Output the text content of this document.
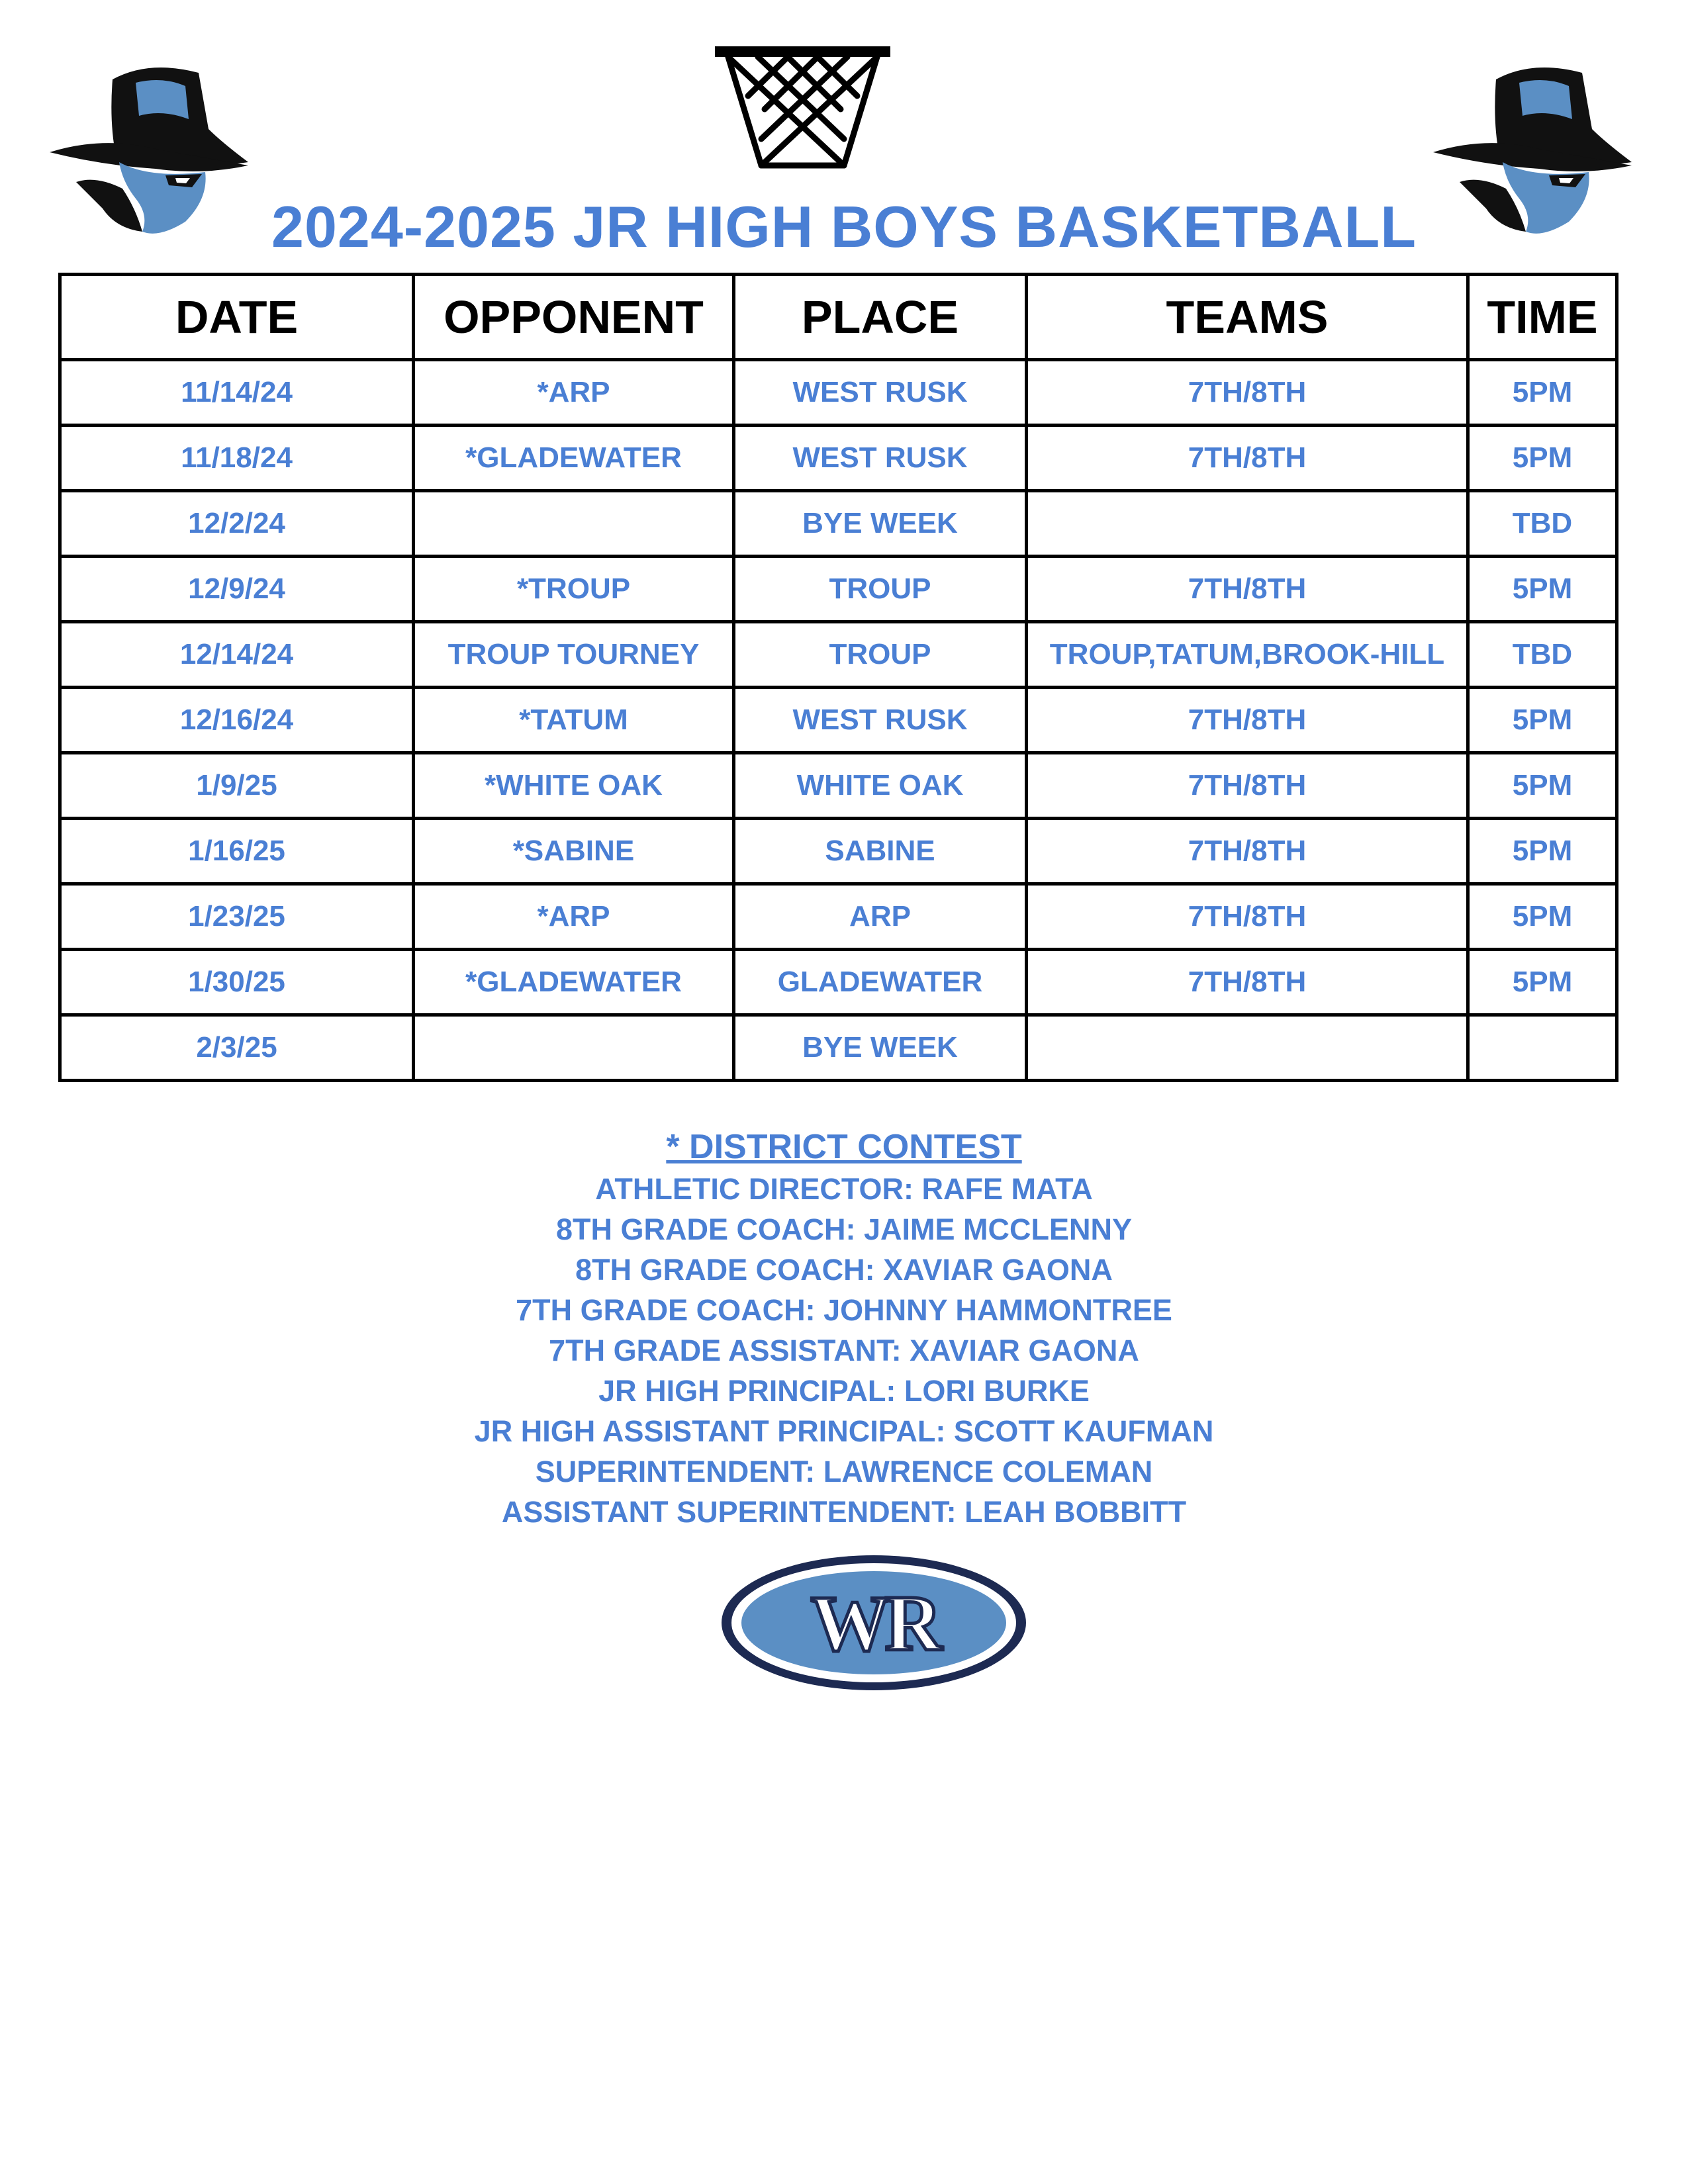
2024-2025 JR HIGH BOYS BASKETBALL
DATE	OPPONENT	PLACE	TEAMS	TIME
11/14/24	*ARP	WEST RUSK	7TH/8TH	5PM
11/18/24	*GLADEWATER	WEST RUSK	7TH/8TH	5PM
12/2/24		BYE WEEK		TBD
12/9/24	*TROUP	TROUP	7TH/8TH	5PM
12/14/24	TROUP TOURNEY	TROUP	TROUP,TATUM,BROOK-HILL	TBD
12/16/24	*TATUM	WEST RUSK	7TH/8TH	5PM
1/9/25	*WHITE OAK	WHITE OAK	7TH/8TH	5PM
1/16/25	*SABINE	SABINE	7TH/8TH	5PM
1/23/25	*ARP	ARP	7TH/8TH	5PM
1/30/25	*GLADEWATER	GLADEWATER	7TH/8TH	5PM
2/3/25		BYE WEEK		
* DISTRICT CONTEST
ATHLETIC DIRECTOR: RAFE MATA
8TH GRADE COACH: JAIME MCCLENNY
8TH GRADE COACH: XAVIAR GAONA
7TH GRADE COACH: JOHNNY HAMMONTREE
7TH GRADE ASSISTANT: XAVIAR GAONA
JR HIGH PRINCIPAL: LORI BURKE
JR HIGH ASSISTANT PRINCIPAL: SCOTT KAUFMAN
SUPERINTENDENT: LAWRENCE COLEMAN
ASSISTANT SUPERINTENDENT: LEAH BOBBITT
WR
